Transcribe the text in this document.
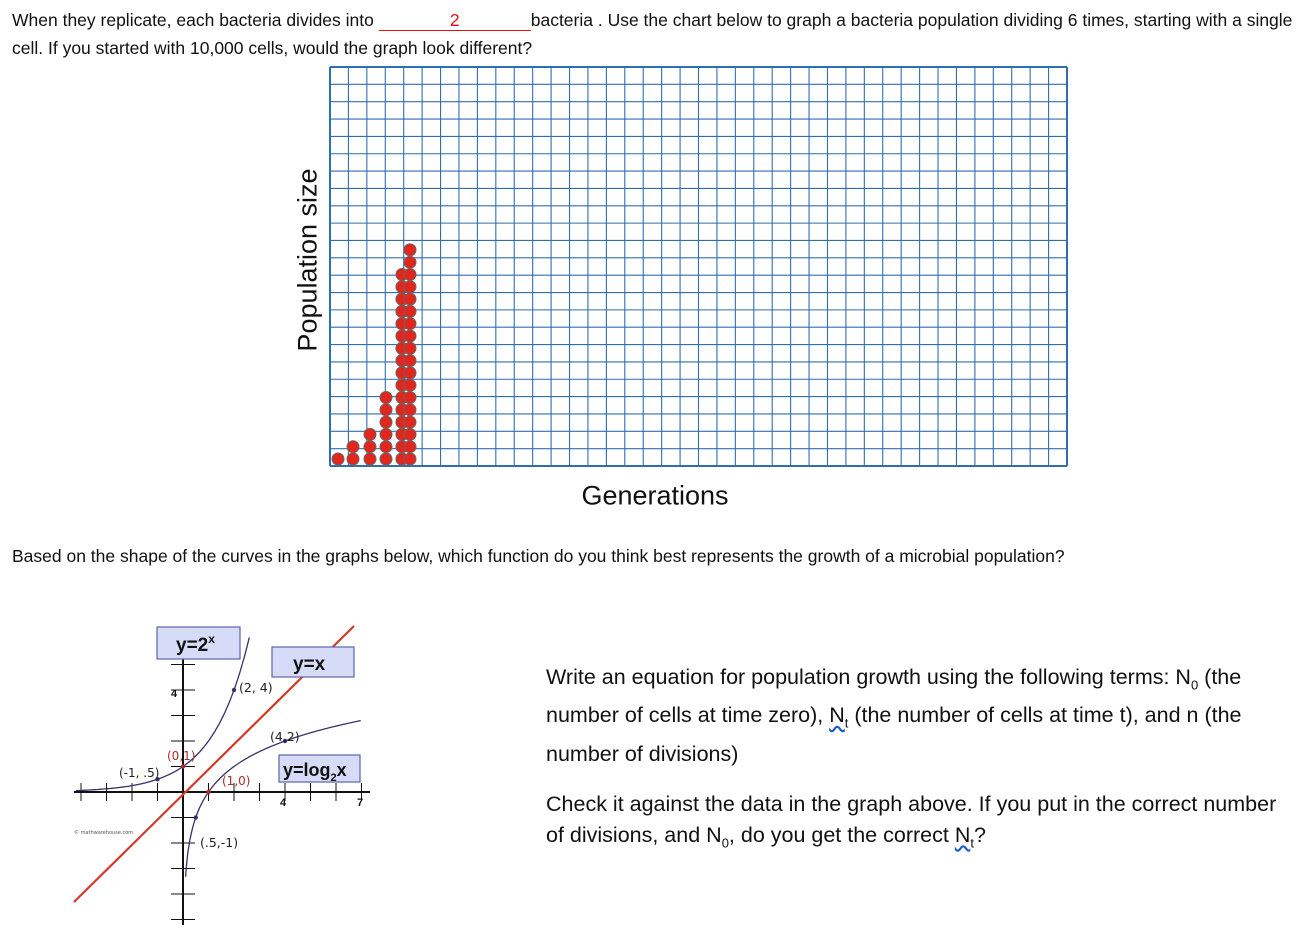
When they replicate, each bacteria divides into	2	bacteria . Use the chart below to graph a bacteria population dividing 6 times, starting with a single cell. If you started with 10,000 cells, would the graph look different?
Population size
Generations
Based on the shape of the curves in the graphs below, which function do you think best represents the growth of a microbial population?
$y=2^x$
y=x
$y=\log_2x$
(2, 4)
(4,2)
(0,1)
(-1, .5)
(1,0)
(.5,-1)
4
4	7
© mathwarehouse.com
Write an equation for population growth using the following terms: $N_0$ (the number of cells at time zero), $N_t$ (the number of cells at time t), and n (the number of divisions)
Check it against the data in the graph above. If you put in the correct number of divisions, and $N_0$, do you get the correct $N_t$?
